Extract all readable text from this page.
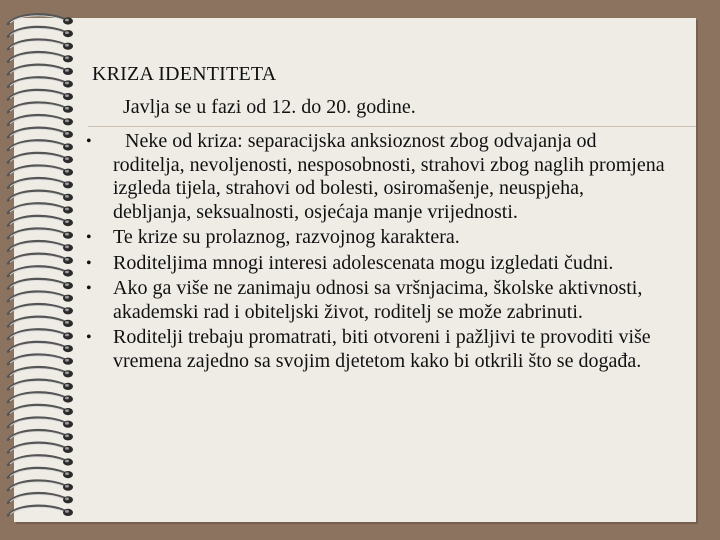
KRIZA IDENTITETA
Javlja se u fazi od 12. do 20. godine.
•	Neke od kriza: separacijska anksioznost zbog odvajanja od roditelja, nevoljenosti, nesposobnosti, strahovi zbog naglih promjena izgleda tijela, strahovi od bolesti, osiromašenje, neuspjeha, debljanja, seksualnosti, osjećaja manje vrijednosti.
•	Te krize su prolaznog, razvojnog karaktera.
•	Roditeljima mnogi interesi adolescenata mogu izgledati čudni.
•	Ako ga više ne zanimaju odnosi sa vršnjacima, školske aktivnosti, akademski rad i obiteljski život, roditelj se može zabrinuti.
•	Roditelji trebaju promatrati, biti otvoreni i pažljivi te provoditi više vremena zajedno sa svojim djetetom kako bi otkrili što se događa.
